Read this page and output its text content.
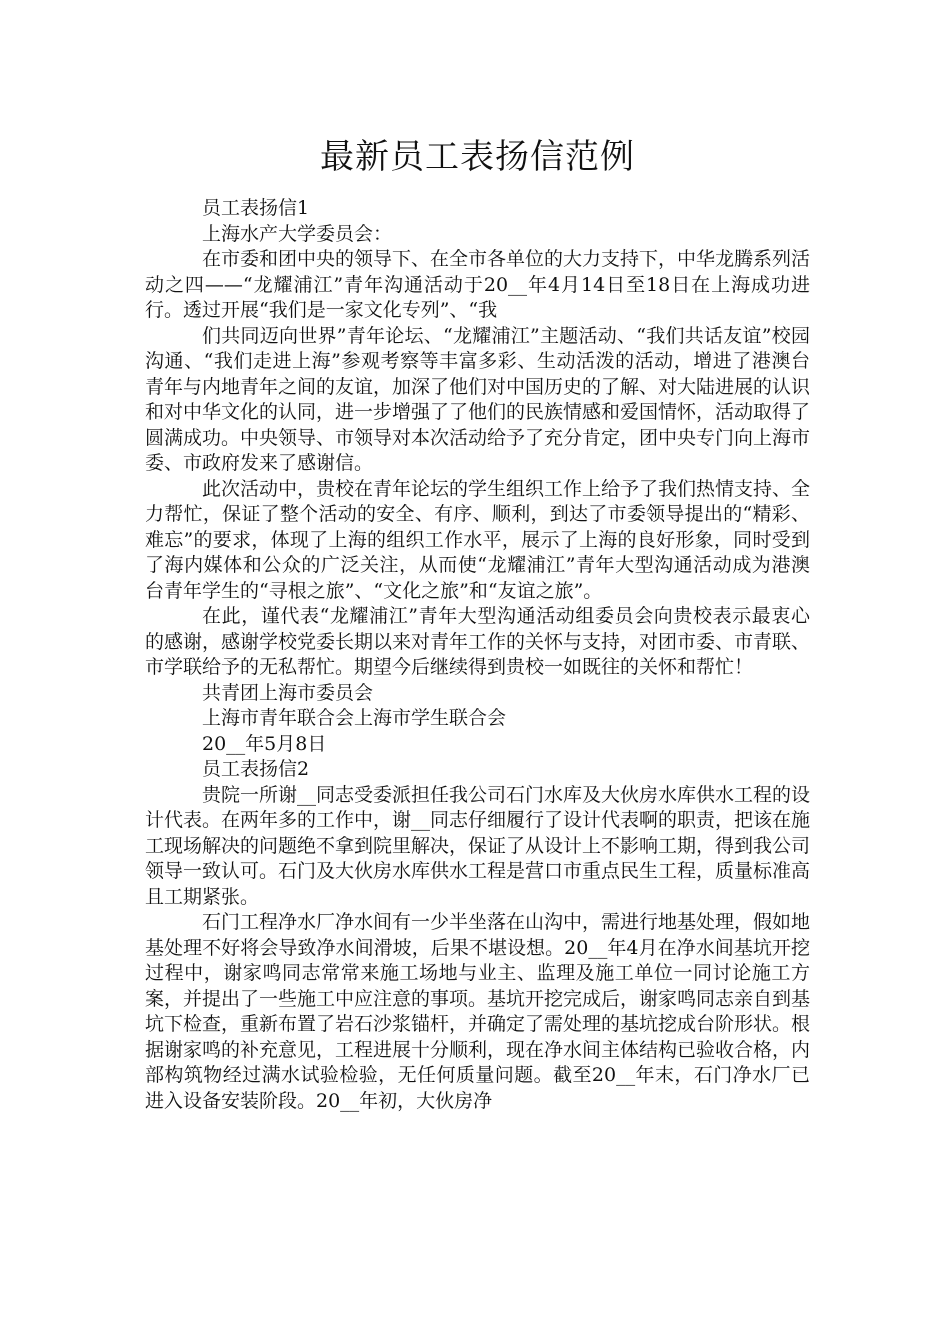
最新员工表扬信范例

员工表扬信1

上海水产大学委员会：

在市委和团中央的领导下、在全市各单位的大力支持下，中华龙腾系列活动之四——“龙耀浦江”青年沟通活动于20__年4月14日至18日在上海成功进行。透过开展“我们是一家文化专列”、“我

们共同迈向世界”青年论坛、“龙耀浦江”主题活动、“我们共话友谊”校园沟通、“我们走进上海”参观考察等丰富多彩、生动活泼的活动，增进了港澳台青年与内地青年之间的友谊，加深了他们对中国历史的了解、对大陆进展的认识和对中华文化的认同，进一步增强了了他们的民族情感和爱国情怀，活动取得了圆满成功。中央领导、市领导对本次活动给予了充分肯定，团中央专门向上海市委、市政府发来了感谢信。

此次活动中，贵校在青年论坛的学生组织工作上给予了我们热情支持、全力帮忙，保证了整个活动的安全、有序、顺利，到达了市委领导提出的“精彩、难忘”的要求，体现了上海的组织工作水平，展示了上海的良好形象，同时受到了海内媒体和公众的广泛关注，从而使“龙耀浦江”青年大型沟通活动成为港澳台青年学生的“寻根之旅”、“文化之旅”和“友谊之旅”。

在此，谨代表“龙耀浦江”青年大型沟通活动组委员会向贵校表示最衷心的感谢，感谢学校党委长期以来对青年工作的关怀与支持，对团市委、市青联、市学联给予的无私帮忙。期望今后继续得到贵校一如既往的关怀和帮忙！

共青团上海市委员会

上海市青年联合会上海市学生联合会

20__年5月8日

员工表扬信2

贵院一所谢__同志受委派担任我公司石门水库及大伙房水库供水工程的设计代表。在两年多的工作中，谢__同志仔细履行了设计代表啊的职责，把该在施工现场解决的问题绝不拿到院里解决，保证了从设计上不影响工期，得到我公司领导一致认可。石门及大伙房水库供水工程是营口市重点民生工程，质量标准高且工期紧张。

石门工程净水厂净水间有一少半坐落在山沟中，需进行地基处理，假如地基处理不好将会导致净水间滑坡，后果不堪设想。20__年4月在净水间基坑开挖过程中，谢家鸣同志常常来施工场地与业主、监理及施工单位一同讨论施工方案，并提出了一些施工中应注意的事项。基坑开挖完成后，谢家鸣同志亲自到基坑下检查，重新布置了岩石沙浆锚杆，并确定了需处理的基坑挖成台阶形状。根据谢家鸣的补充意见，工程进展十分顺利，现在净水间主体结构已验收合格，内部构筑物经过满水试验检验，无任何质量问题。截至20__年末，石门净水厂已进入设备安装阶段。20__年初，大伙房净
